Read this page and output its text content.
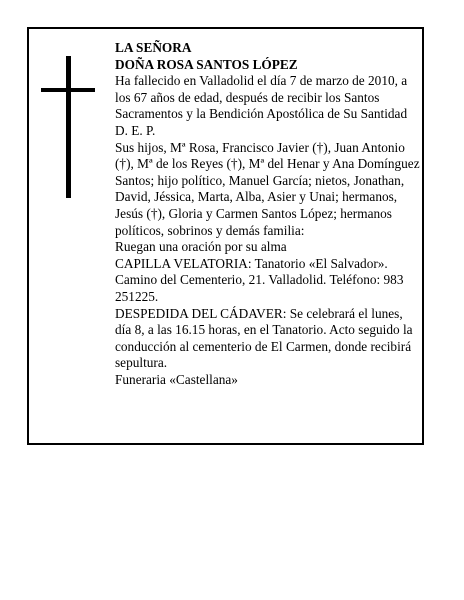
LA SEÑORA

DOÑA ROSA SANTOS LÓPEZ

Ha fallecido en Valladolid el día 7 de marzo de 2010, a los 67 años de edad, después de recibir los Santos Sacramentos y la Bendición Apostólica de Su Santidad D. E. P.

Sus hijos, Mª Rosa, Francisco Javier (†), Juan Antonio (†), Mª de los Reyes (†), Mª del Henar y Ana Domínguez Santos; hijo político, Manuel García; nietos, Jonathan, David, Jéssica, Marta, Alba, Asier y Unai; hermanos, Jesús (†), Gloria y Carmen Santos López; hermanos políticos, sobrinos y demás familia:

Ruegan una oración por su alma

CAPILLA VELATORIA: Tanatorio «El Salvador». Camino del Cementerio, 21. Valladolid. Teléfono: 983 251225.

DESPEDIDA DEL CÁDAVER: Se celebrará el lunes, día 8, a las 16.15 horas, en el Tanatorio. Acto seguido la conducción al cementerio de El Carmen, donde recibirá sepultura.

Funeraria «Castellana»
